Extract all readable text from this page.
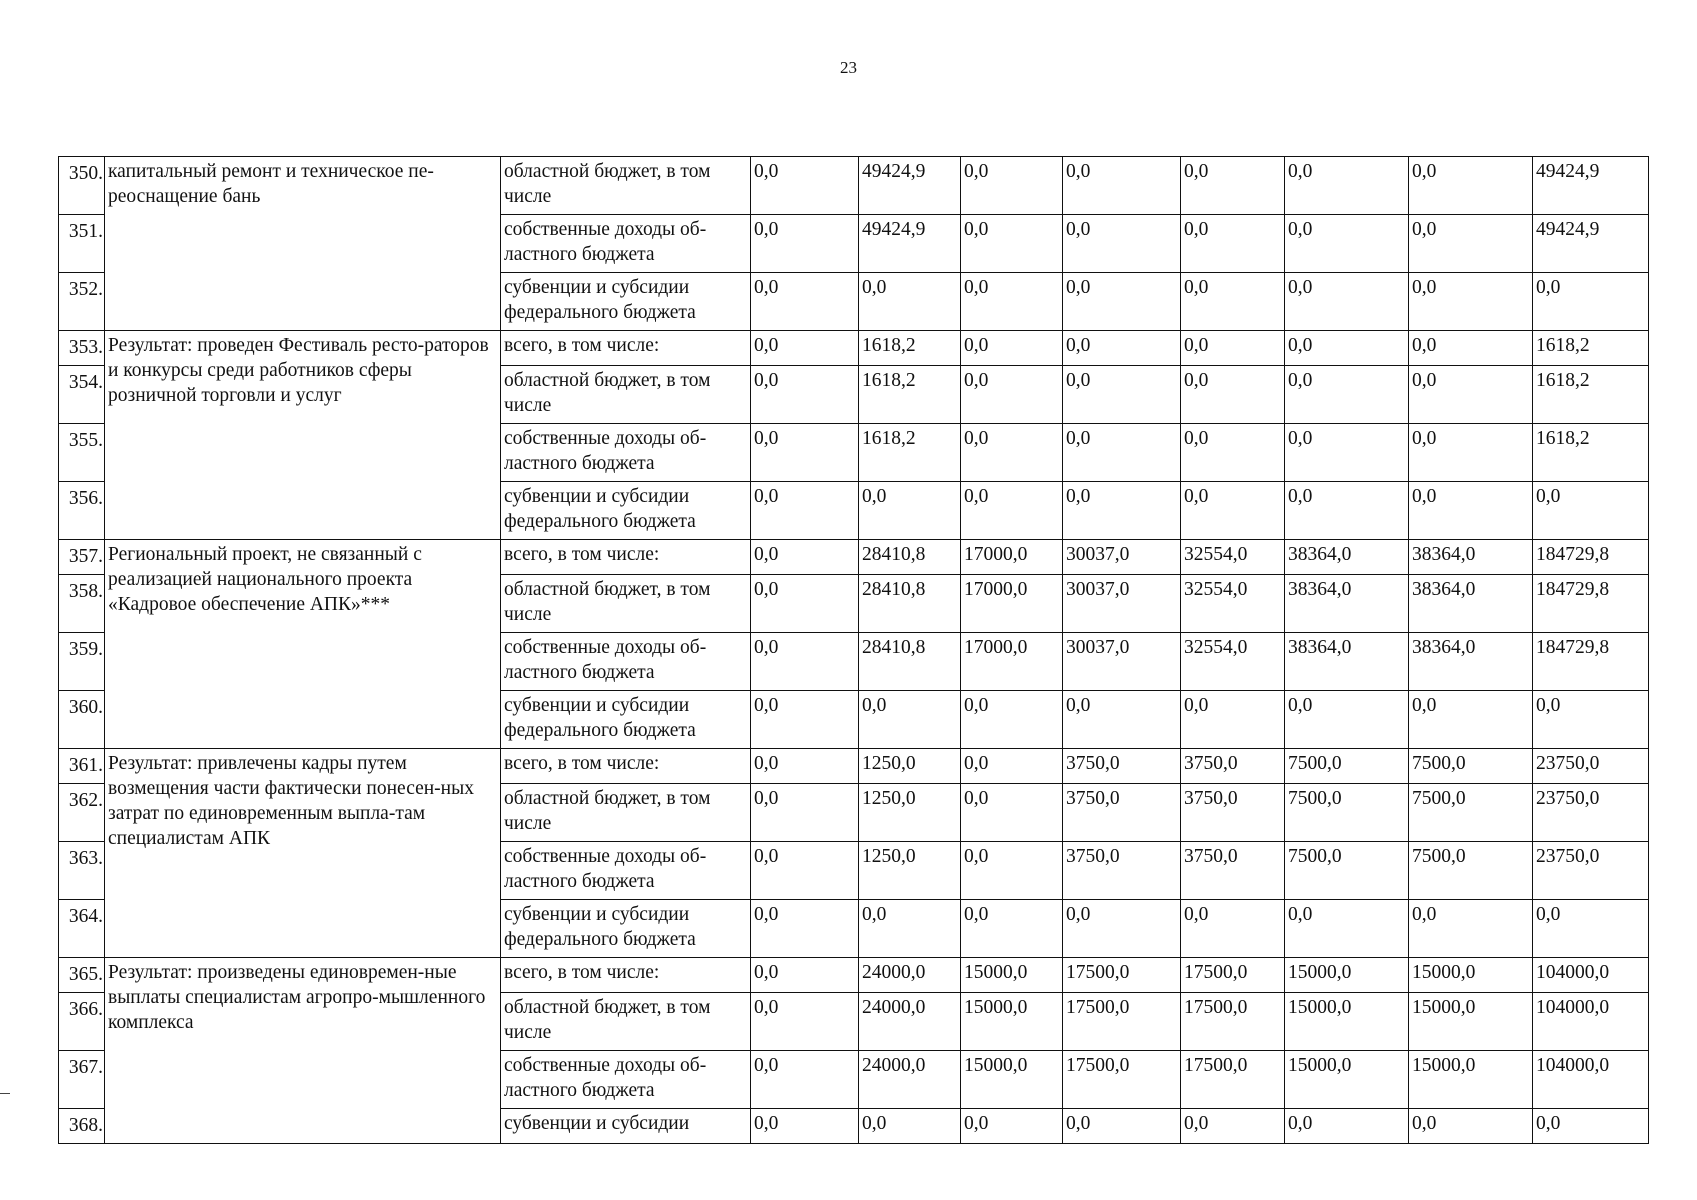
23
350.	капитальный ремонт и техническое пе-реоснащение бань	областной бюджет, в том числе	0,0	49424,9	0,0	0,0	0,0	0,0	0,0	49424,9
351.		собственные доходы об-ластного бюджета	0,0	49424,9	0,0	0,0	0,0	0,0	0,0	49424,9
352.		субвенции и субсидии федерального бюджета	0,0	0,0	0,0	0,0	0,0	0,0	0,0	0,0
353.	Результат: проведен Фестиваль ресто-раторов и конкурсы среди работников сферы розничной торговли и услуг	всего, в том числе:	0,0	1618,2	0,0	0,0	0,0	0,0	0,0	1618,2
354.		областной бюджет, в том числе	0,0	1618,2	0,0	0,0	0,0	0,0	0,0	1618,2
355.		собственные доходы об-ластного бюджета	0,0	1618,2	0,0	0,0	0,0	0,0	0,0	1618,2
356.		субвенции и субсидии федерального бюджета	0,0	0,0	0,0	0,0	0,0	0,0	0,0	0,0
357.	Региональный проект, не связанный с реализацией национального проекта «Кадровое обеспечение АПК»***	всего, в том числе:	0,0	28410,8	17000,0	30037,0	32554,0	38364,0	38364,0	184729,8
358.		областной бюджет, в том числе	0,0	28410,8	17000,0	30037,0	32554,0	38364,0	38364,0	184729,8
359.		собственные доходы об-ластного бюджета	0,0	28410,8	17000,0	30037,0	32554,0	38364,0	38364,0	184729,8
360.		субвенции и субсидии федерального бюджета	0,0	0,0	0,0	0,0	0,0	0,0	0,0	0,0
361.	Результат: привлечены кадры путем возмещения части фактически понесен-ных затрат по единовременным выпла-там специалистам АПК	всего, в том числе:	0,0	1250,0	0,0	3750,0	3750,0	7500,0	7500,0	23750,0
362.		областной бюджет, в том числе	0,0	1250,0	0,0	3750,0	3750,0	7500,0	7500,0	23750,0
363.		собственные доходы об-ластного бюджета	0,0	1250,0	0,0	3750,0	3750,0	7500,0	7500,0	23750,0
364.		субвенции и субсидии федерального бюджета	0,0	0,0	0,0	0,0	0,0	0,0	0,0	0,0
365.	Результат: произведены единовремен-ные выплаты специалистам агропро-мышленного комплекса	всего, в том числе:	0,0	24000,0	15000,0	17500,0	17500,0	15000,0	15000,0	104000,0
366.		областной бюджет, в том числе	0,0	24000,0	15000,0	17500,0	17500,0	15000,0	15000,0	104000,0
367.		собственные доходы об-ластного бюджета	0,0	24000,0	15000,0	17500,0	17500,0	15000,0	15000,0	104000,0
368.		субвенции и субсидии	0,0	0,0	0,0	0,0	0,0	0,0	0,0	0,0
